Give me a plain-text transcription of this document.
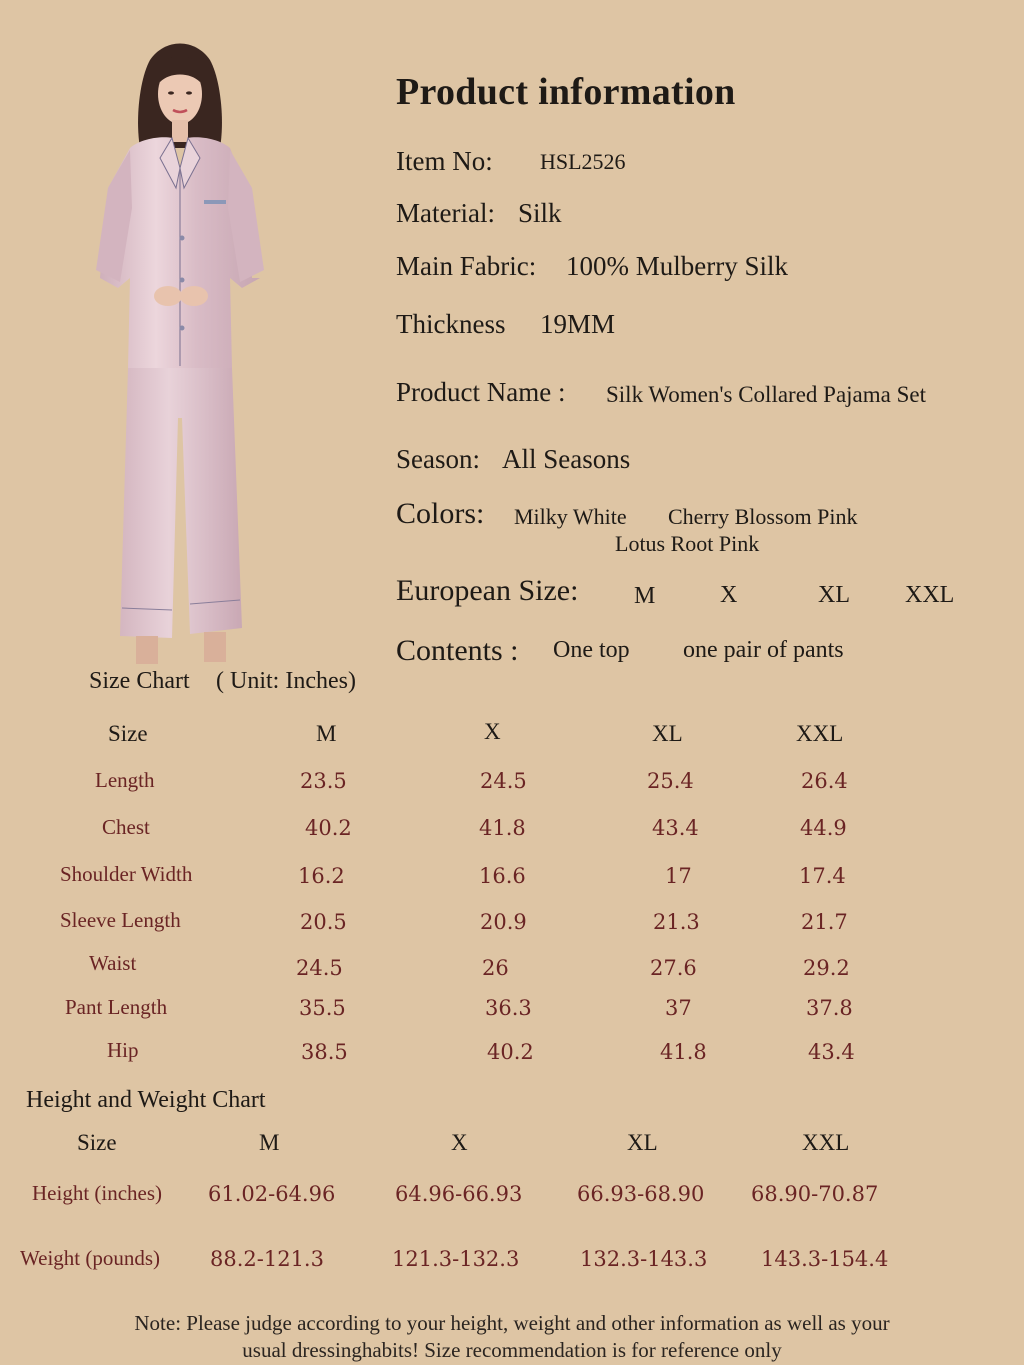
Product information
Item No: HSL2526
Material: Silk
Main Fabric: 100% Mulberry Silk
Thickness 19MM
Product Name : Silk Women's Collared Pajama Set
Season: All Seasons
Colors: Milky White Cherry Blossom Pink
Lotus Root Pink
European Size: M	X	XL XXL
Contents : One top one pair of pants
Size Chart ( Unit: Inches)
Size	M	X	XL	XXL
Length	23.5	24.5	25.4	26.4
Chest	40.2	41.8	43.4	44.9
Shoulder Width	16.2	16.6	17	17.4
Sleeve Length	20.5	20.9	21.3	21.7
Waist	24.5	26	27.6	29.2
Pant Length	35.5	36.3	37	37.8
Hip	38.5	40.2	41.8	43.4
Height and Weight Chart
Size	M	X	XL	XXL
Height (inches) 61.02-64.96	64.96-66.93	66.93-68.90 68.90-70.87
Weight (pounds) 88.2-121.3	121.3-132.3	132.3-143.3	143.3-154.4
Note: Please judge according to your height, weight and other information as well as your
usual dressinghabits! Size recommendation is for reference only
